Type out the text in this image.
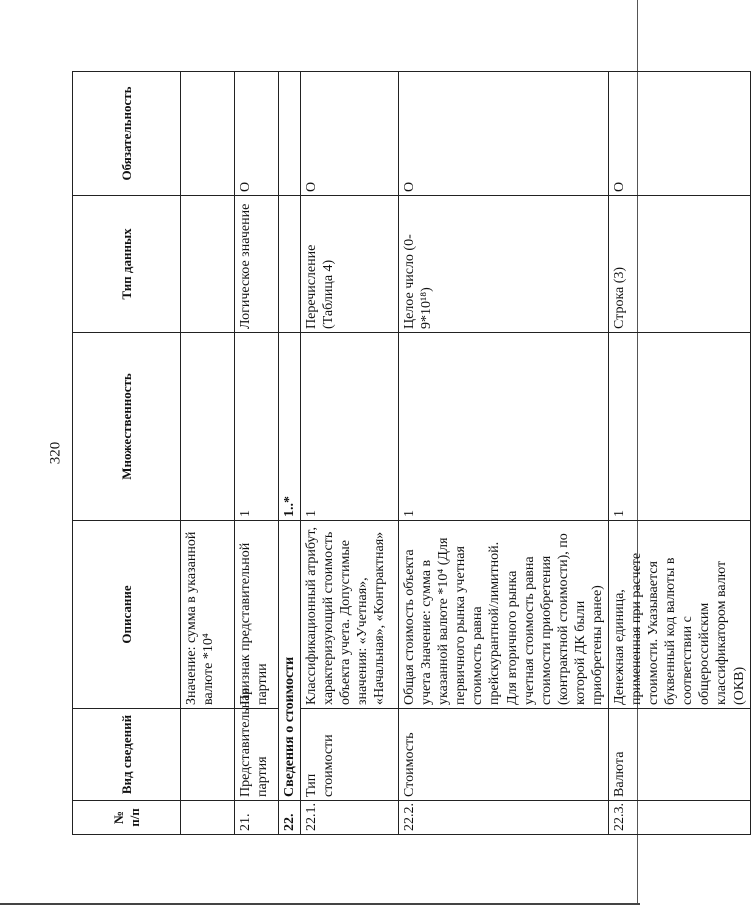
320
№ п/п	Вид сведений	Описание	Множественность	Тип данных	Обязательность
		Значение: сумма в указанной валюте *10⁴			
21.	Представительная партия	Признак представительной партии	1	Логическое значение	О
22.	Сведения о стоимости		1..*		
22.1.	Тип стоимости	Классификационный атрибут, характеризующий стоимость объекта учета. Допустимые значения: «Учетная», «Начальная», «Контрактная»	1	Перечисление (Таблица 4)	О
22.2.	Стоимость	Общая стоимость объекта учета Значение: сумма в указанной валюте *10⁴ (Для первичного рынка учетная стоимость равна прейскурантной/лимитной. Для вторичного рынка учетная стоимость равна стоимости приобретения (контрактной стоимости), по которой ДК были приобретены ранее)	1	Целое число (0-9*10¹⁸)	О
22.3.	Валюта	Денежная единица, примененная при расчете стоимости. Указывается буквенный код валюты в соответствии с общероссийским классификатором валют (ОКВ)	1	Строка (3)	О
